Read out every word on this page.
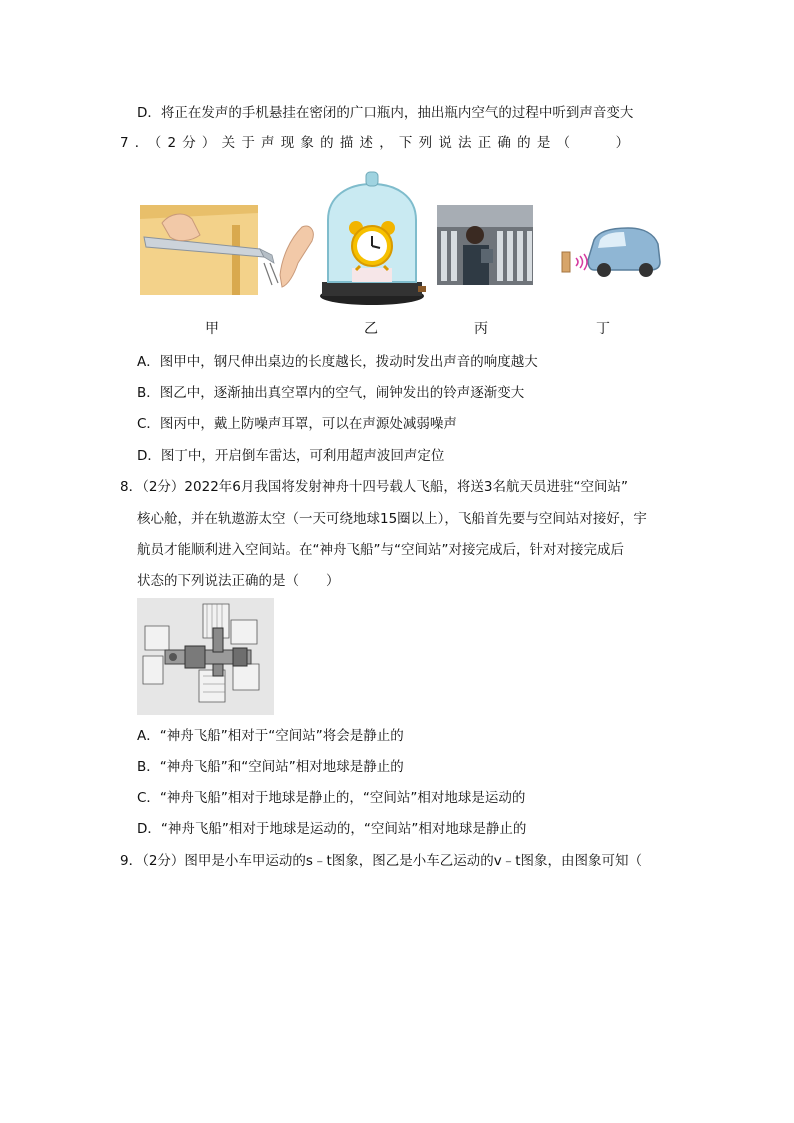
D．将正在发声的手机悬挂在密闭的广口瓶内，抽出瓶内空气的过程中听到声音变大
7．（2分）关于声现象的描述，下列说法正确的是（　　）
甲	乙	丙	丁
A．图甲中，钢尺伸出桌边的长度越长，拨动时发出声音的响度越大
B．图乙中，逐渐抽出真空罩内的空气，闹钟发出的铃声逐渐变大
C．图丙中，戴上防噪声耳罩，可以在声源处减弱噪声
D．图丁中，开启倒车雷达，可利用超声波回声定位
8．（2分）2022年6月我国将发射神舟十四号载人飞船，将送3名航天员进驻“空间站”
核心舱，并在轨遨游太空（一天可绕地球15圈以上），飞船首先要与空间站对接好，宇
航员才能顺利进入空间站。在“神舟飞船”与“空间站”对接完成后，针对对接完成后
状态的下列说法正确的是（　　）
A．“神舟飞船”相对于“空间站”将会是静止的
B．“神舟飞船”和“空间站”相对地球是静止的
C．“神舟飞船”相对于地球是静止的，“空间站”相对地球是运动的
D．“神舟飞船”相对于地球是运动的，“空间站”相对地球是静止的
9．（2分）图甲是小车甲运动的s﹣t图象，图乙是小车乙运动的v﹣t图象，由图象可知（
